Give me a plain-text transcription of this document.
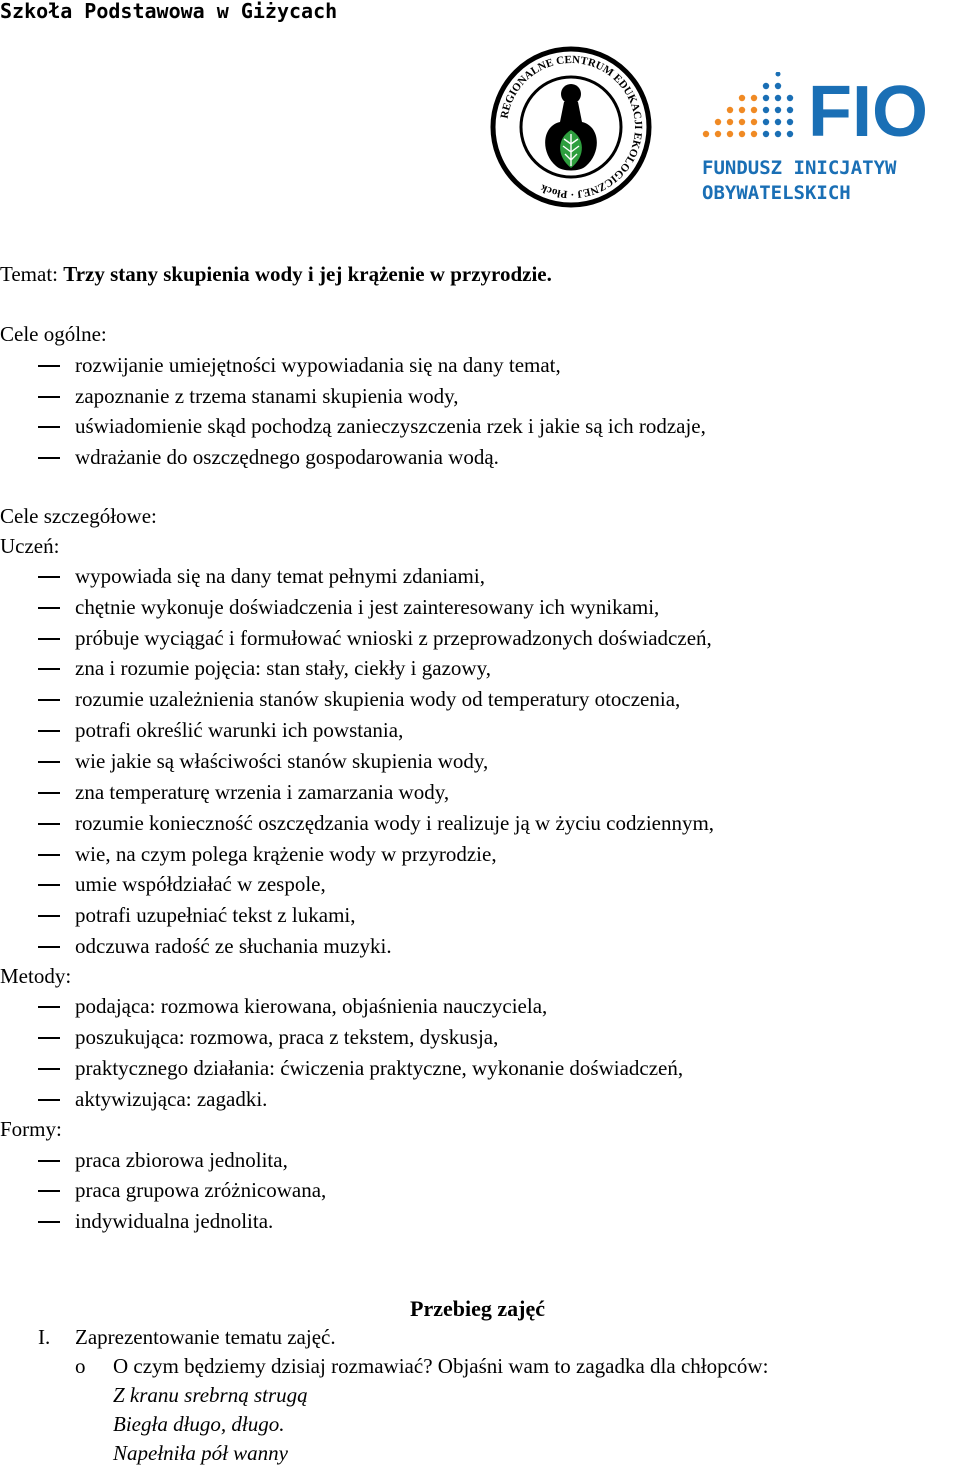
Szkoła Podstawowa w Giżycach
REGIONALNE CENTRUM EDUKACJI EKOLOGICZNEJ · Płock
FIO
FUNDUSZ INICJATYW
OBYWATELSKICH
Temat: Trzy stany skupienia wody i jej krążenie w przyrodzie.
Cele ogólne:
rozwijanie umiejętności wypowiadania się na dany temat,
zapoznanie z trzema stanami skupienia wody,
uświadomienie skąd pochodzą zanieczyszczenia rzek i jakie są ich rodzaje,
wdrażanie do oszczędnego gospodarowania wodą.
Cele szczegółowe:
Uczeń:
wypowiada się na dany temat pełnymi zdaniami,
chętnie wykonuje doświadczenia i jest zainteresowany ich wynikami,
próbuje wyciągać i formułować wnioski z przeprowadzonych doświadczeń,
zna i rozumie pojęcia: stan stały, ciekły i gazowy,
rozumie uzależnienia stanów skupienia wody od temperatury otoczenia,
potrafi określić warunki ich powstania,
wie jakie są właściwości stanów skupienia wody,
zna temperaturę wrzenia i zamarzania wody,
rozumie konieczność oszczędzania wody i realizuje ją w życiu codziennym,
wie, na czym polega krążenie wody w przyrodzie,
umie współdziałać w zespole,
potrafi uzupełniać tekst z lukami,
odczuwa radość ze słuchania muzyki.
Metody:
podająca: rozmowa kierowana, objaśnienia nauczyciela,
poszukująca: rozmowa, praca z tekstem, dyskusja,
praktycznego działania: ćwiczenia praktyczne, wykonanie doświadczeń,
aktywizująca: zagadki.
Formy:
praca zbiorowa jednolita,
praca grupowa zróżnicowana,
indywidualna jednolita.
Przebieg zajęć
I. Zaprezentowanie tematu zajęć.
o O czym będziemy dzisiaj rozmawiać? Objaśni wam to zagadka dla chłopców:
Z kranu srebrną strugą
Biegła długo, długo.
Napełniła pół wanny
